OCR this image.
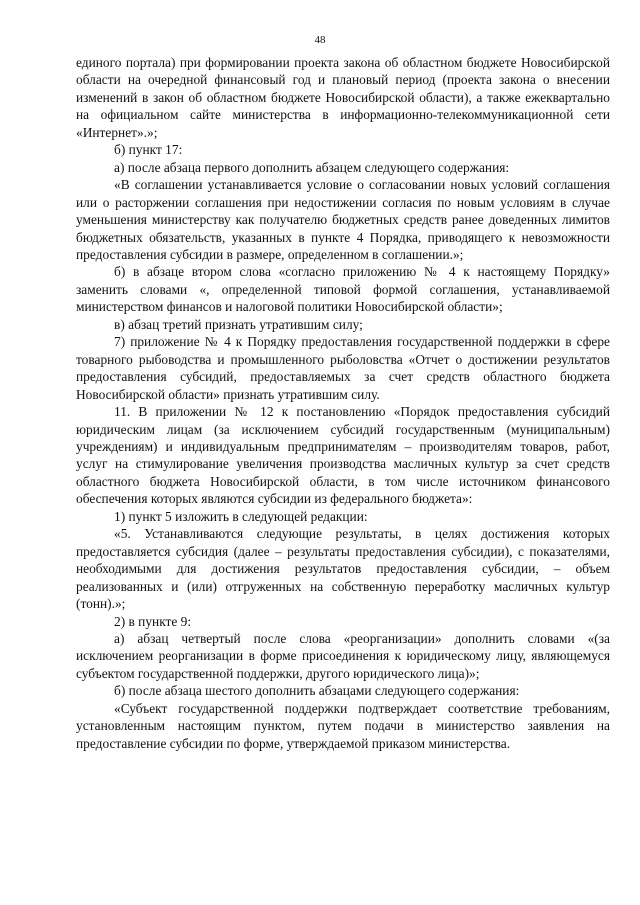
48

единого портала) при формировании проекта закона об областном бюджете Новосибирской области на очередной финансовый год и плановый период (проекта закона о внесении изменений в закон об областном бюджете Новосибирской области), а также ежеквартально на официальном сайте министерства в информационно-телекоммуникационной сети «Интернет».»;

б) пункт 17:

а) после абзаца первого дополнить абзацем следующего содержания:

«В соглашении устанавливается условие о согласовании новых условий соглашения или о расторжении соглашения при недостижении согласия по новым условиям в случае уменьшения министерству как получателю бюджетных средств ранее доведенных лимитов бюджетных обязательств, указанных в пункте 4 Порядка, приводящего к невозможности предоставления субсидии в размере, определенном в соглашении.»;

б) в абзаце втором слова «согласно приложению № 4 к настоящему Порядку» заменить словами «, определенной типовой формой соглашения, устанавливаемой министерством финансов и налоговой политики Новосибирской области»;

в) абзац третий признать утратившим силу;

7) приложение № 4 к Порядку предоставления государственной поддержки в сфере товарного рыбоводства и промышленного рыболовства «Отчет о достижении результатов предоставления субсидий, предоставляемых за счет средств областного бюджета Новосибирской области» признать утратившим силу.

11. В приложении № 12 к постановлению «Порядок предоставления субсидий юридическим лицам (за исключением субсидий государственным (муниципальным) учреждениям) и индивидуальным предпринимателям – производителям товаров, работ, услуг на стимулирование увеличения производства масличных культур за счет средств областного бюджета Новосибирской области, в том числе источником финансового обеспечения которых являются субсидии из федерального бюджета»:

1) пункт 5 изложить в следующей редакции:

«5. Устанавливаются следующие результаты, в целях достижения которых предоставляется субсидия (далее – результаты предоставления субсидии), с показателями, необходимыми для достижения результатов предоставления субсидии, – объем реализованных и (или) отгруженных на собственную переработку масличных культур (тонн).»;

2) в пункте 9:

а) абзац четвертый после слова «реорганизации» дополнить словами «(за исключением реорганизации в форме присоединения к юридическому лицу, являющемуся субъектом государственной поддержки, другого юридического лица)»;

б) после абзаца шестого дополнить абзацами следующего содержания:

«Субъект государственной поддержки подтверждает соответствие требованиям, установленным настоящим пунктом, путем подачи в министерство заявления на предоставление субсидии по форме, утверждаемой приказом министерства.
